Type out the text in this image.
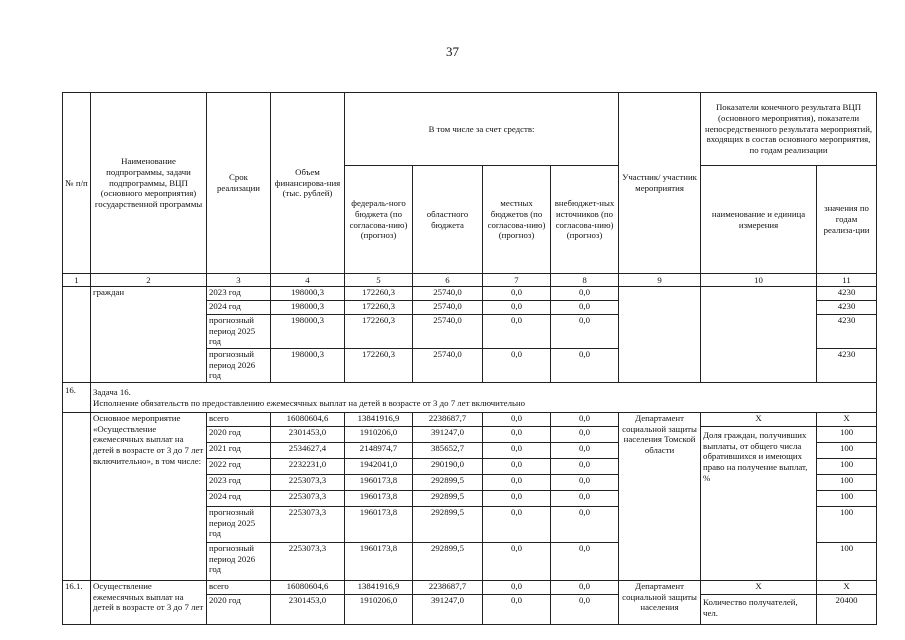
37
№ п/п	Наименование подпрограммы, задачи подпрограммы, ВЦП (основного мероприятия) государственной программы	Срок реализации	Объем финансирова-ния (тыс. рублей)	В том числе за счет средств:				Участник/ участник мероприятия	Показатели конечного результата ВЦП (основного мероприятия), показатели непосредственного результата мероприятий, входящих в состав основного мероприятия, по годам реализации	
				федераль-ного бюджета (по согласова-нию) (прогноз)	областного бюджета	местных бюджетов (по согласова-нию) (прогноз)	внебюджет-ных источников (по согласова-нию) (прогноз)		наименование и единица измерения	значения по годам реализа-ции
1	2	3	4	5	6	7	8	9	10	11
	граждан	2023 год	198000,3	172260,3	25740,0	0,0	0,0			4230
		2024 год	198000,3	172260,3	25740,0	0,0	0,0			4230
		прогнозный период 2025 год	198000,3	172260,3	25740,0	0,0	0,0			4230
		прогнозный период 2026 год	198000,3	172260,3	25740,0	0,0	0,0			4230
16.	Задача 16.
Исполнение обязательств по предоставлению ежемесячных выплат на детей в возрасте от 3 до 7 лет включительно									

	Основное мероприятие «Осуществление ежемесячных выплат на детей в возрасте от 3 до 7 лет включительно», в том числе:	всего	16080604,6	13841916,9	2238687,7	0,0	0,0	Департамент социальной защиты населения Томской области	Х	Х
		2020 год	2301453,0	1910206,0	391247,0	0,0	0,0		Доля граждан, получивших выплаты, от общего числа обратившихся и имеющих право на получение выплат, %	100
		2021 год	2534627,4	2148974,7	385652,7	0,0	0,0			100
		2022 год	2232231,0	1942041,0	290190,0	0,0	0,0			100
		2023 год	2253073,3	1960173,8	292899,5	0,0	0,0			100
		2024 год	2253073,3	1960173,8	292899,5	0,0	0,0			100
		прогнозный период 2025 год	2253073,3	1960173,8	292899,5	0,0	0,0			100
		прогнозный период 2026 год	2253073,3	1960173,8	292899,5	0,0	0,0			100
16.1.	Осуществление ежемесячных выплат на детей в возрасте от 3 до 7 лет	всего	16080604,6	13841916,9	2238687,7	0,0	0,0	Департамент социальной защиты населения	Х	Х
		2020 год	2301453,0	1910206,0	391247,0	0,0	0,0		Количество получателей, чел.	20400
